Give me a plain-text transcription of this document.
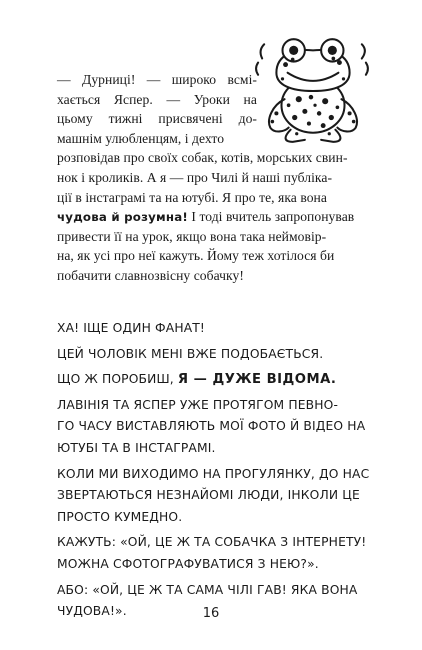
— Дурниці! — широко всмі-
хається Яспер. — Уроки на
цьому тижні присвячені до-
машнім улюбленцям, і дехто
розповідав про своїх собак, котів, морських свин-
нок і кроликів. А я — про Чилі й наші публіка-
ції в інстаграмі та на ютубі. Я про те, яка вона
чудова й розумна! І тоді вчитель запропонував
привести її на урок, якщо вона така неймовір-
на, як усі про неї кажуть. Йому теж хотілося би
побачити славнозвісну собачку!
ХА! ІЩЕ ОДИН ФАНАТ!
ЦЕЙ ЧОЛОВІК МЕНІ ВЖЕ ПОДОБАЄТЬСЯ.
ЩО Ж ПОРОБИШ, Я — ДУЖЕ ВІДОМА.
ЛАВІНІЯ ТА ЯСПЕР УЖЕ ПРОТЯГОМ ПЕВНО-
ГО ЧАСУ ВИСТАВЛЯЮТЬ МОЇ ФОТО Й ВІДЕО НА
ЮТУБІ ТА В ІНСТАГРАМІ.
КОЛИ МИ ВИХОДИМО НА ПРОГУЛЯНКУ, ДО НАС
ЗВЕРТАЮТЬСЯ НЕЗНАЙОМІ ЛЮДИ, ІНКОЛИ ЦЕ
ПРОСТО КУМЕДНО.
КАЖУТЬ: «ОЙ, ЦЕ Ж ТА СОБАЧКА З ІНТЕРНЕТУ!
МОЖНА СФОТОГРАФУВАТИСЯ З НЕЮ?».
АБО: «ОЙ, ЦЕ Ж ТА САМА ЧІЛІ ГАВ! ЯКА ВОНА
ЧУДОВА!».	16
